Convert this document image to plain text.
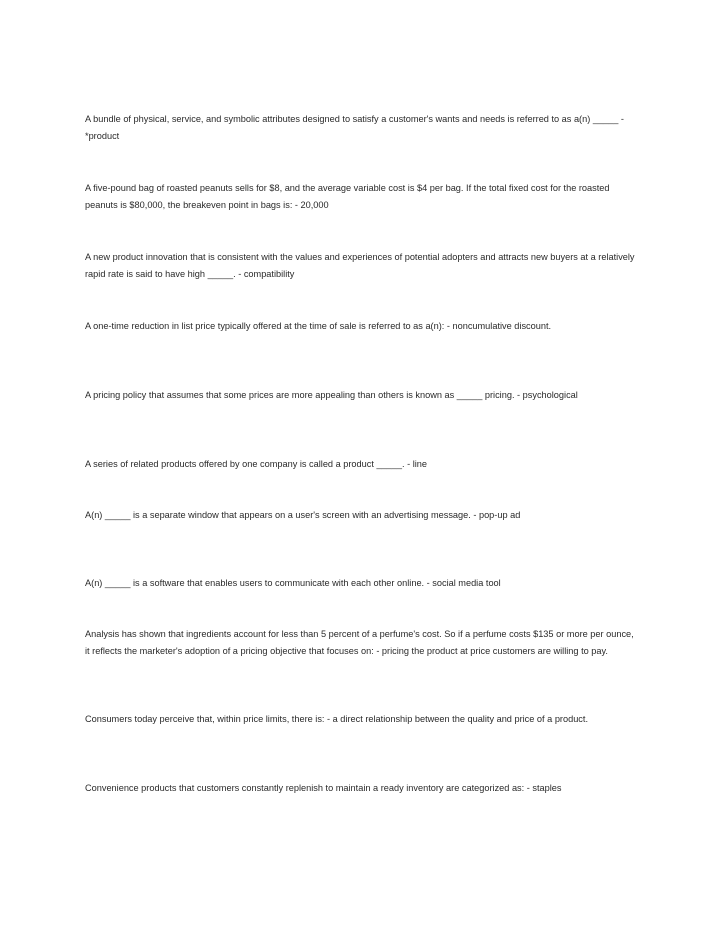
A bundle of physical, service, and symbolic attributes designed to satisfy a customer's wants and needs is referred to as a(n) _____ - *product

A five-pound bag of roasted peanuts sells for $8, and the average variable cost is $4 per bag. If the total fixed cost for the roasted peanuts is $80,000, the breakeven point in bags is: - 20,000

A new product innovation that is consistent with the values and experiences of potential adopters and attracts new buyers at a relatively rapid rate is said to have high _____. - compatibility

A one-time reduction in list price typically offered at the time of sale is referred to as a(n): - noncumulative discount.

A pricing policy that assumes that some prices are more appealing than others is known as _____ pricing. - psychological

A series of related products offered by one company is called a product _____. - line

A(n) _____ is a separate window that appears on a user's screen with an advertising message. - pop-up ad

A(n) _____ is a software that enables users to communicate with each other online. - social media tool

Analysis has shown that ingredients account for less than 5 percent of a perfume's cost. So if a perfume costs $135 or more per ounce, it reflects the marketer's adoption of a pricing objective that focuses on: - pricing the product at price customers are willing to pay.

Consumers today perceive that, within price limits, there is: - a direct relationship between the quality and price of a product.

Convenience products that customers constantly replenish to maintain a ready inventory are categorized as: - staples
